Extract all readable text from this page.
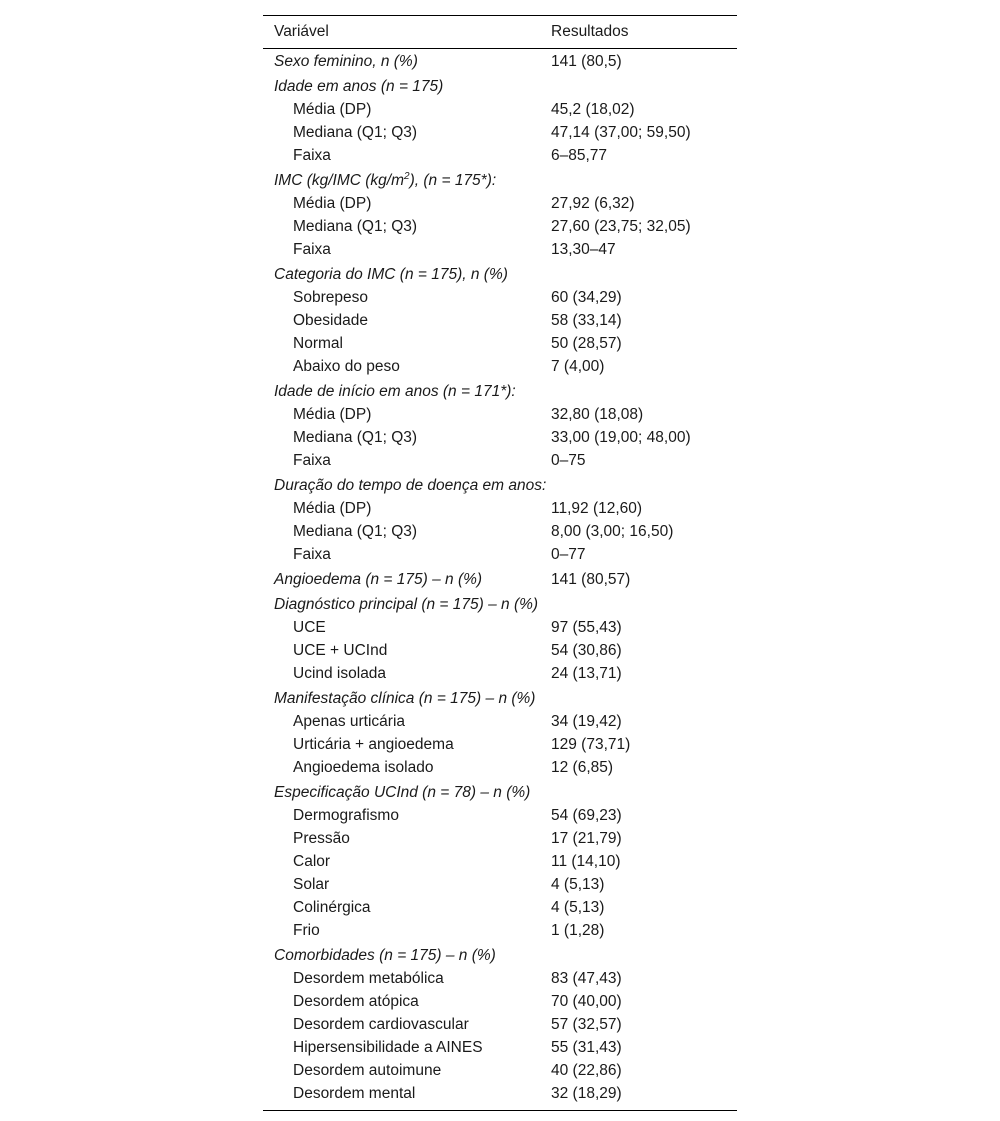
Variável	Resultados
Sexo feminino, n (%)	141 (80,5)
Idade em anos (n = 175)
Média (DP)	45,2 (18,02)
Mediana (Q1; Q3)	47,14 (37,00; 59,50)
Faixa	6–85,77
IMC (kg/IMC $(kg/m^2)$, (n = 175*):
Média (DP)	27,92 (6,32)
Mediana (Q1; Q3)	27,60 (23,75; 32,05)
Faixa	13,30–47
Categoria do IMC (n = 175), n (%)
Sobrepeso	60 (34,29)
Obesidade	58 (33,14)
Normal	50 (28,57)
Abaixo do peso	7 (4,00)
Idade de início em anos (n = 171*):
Média (DP)	32,80 (18,08)
Mediana (Q1; Q3)	33,00 (19,00; 48,00)
Faixa	0–75
Duração do tempo de doença em anos:
Média (DP)	11,92 (12,60)
Mediana (Q1; Q3)	8,00 (3,00; 16,50)
Faixa	0–77
Angioedema (n = 175) – n (%)	141 (80,57)
Diagnóstico principal (n = 175) – n (%)
UCE	97 (55,43)
UCE + UCInd	54 (30,86)
Ucind isolada	24 (13,71)
Manifestação clínica (n = 175) – n (%)
Apenas urticária	34 (19,42)
Urticária + angioedema	129 (73,71)
Angioedema isolado	12 (6,85)
Especificação UCInd (n = 78) – n (%)
Dermografismo	54 (69,23)
Pressão	17 (21,79)
Calor	11 (14,10)
Solar	4 (5,13)
Colinérgica	4 (5,13)
Frio	1 (1,28)
Comorbidades (n = 175) – n (%)
Desordem metabólica	83 (47,43)
Desordem atópica	70 (40,00)
Desordem cardiovascular	57 (32,57)
Hipersensibilidade a AINES	55 (31,43)
Desordem autoimune	40 (22,86)
Desordem mental	32 (18,29)
